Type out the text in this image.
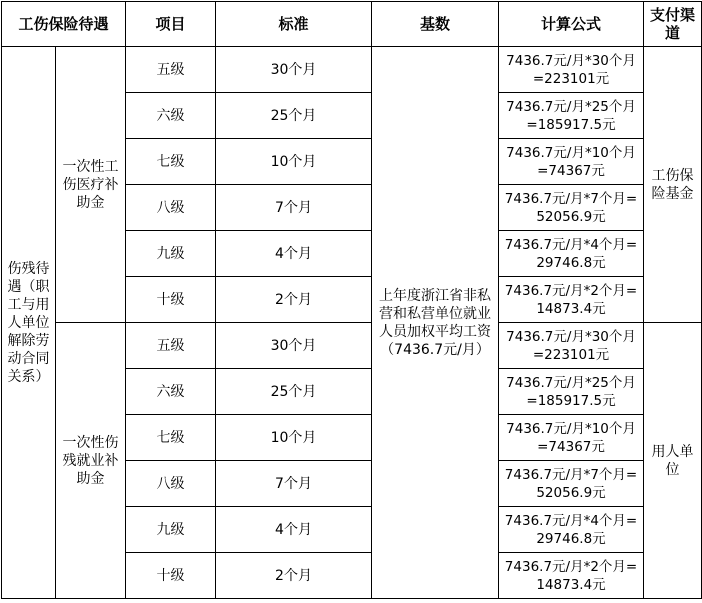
工伤保险待遇		项目	标准	基数	计算公式	支付渠道
伤残待遇（职工与用人单位解除劳动合同关系）	一次性工伤医疗补助金	五级	30个月	上年度浙江省非私营和私营单位就业人员加权平均工资（7436.7元/月）	7436.7元/月*30个月=223101元	工伤保险基金
		六级	25个月		7436.7元/月*25个月=185917.5元	
		七级	10个月		7436.7元/月*10个月=74367元	
		八级	7个月		7436.7元/月*7个月=52056.9元	
		九级	4个月		7436.7元/月*4个月=29746.8元	
		十级	2个月		7436.7元/月*2个月=14873.4元	
	一次性伤残就业补助金	五级	30个月		7436.7元/月*30个月=223101元	用人单位
		六级	25个月		7436.7元/月*25个月=185917.5元	
		七级	10个月		7436.7元/月*10个月=74367元	
		八级	7个月		7436.7元/月*7个月=52056.9元	
		九级	4个月		7436.7元/月*4个月=29746.8元	
		十级	2个月		7436.7元/月*2个月=14873.4元	
